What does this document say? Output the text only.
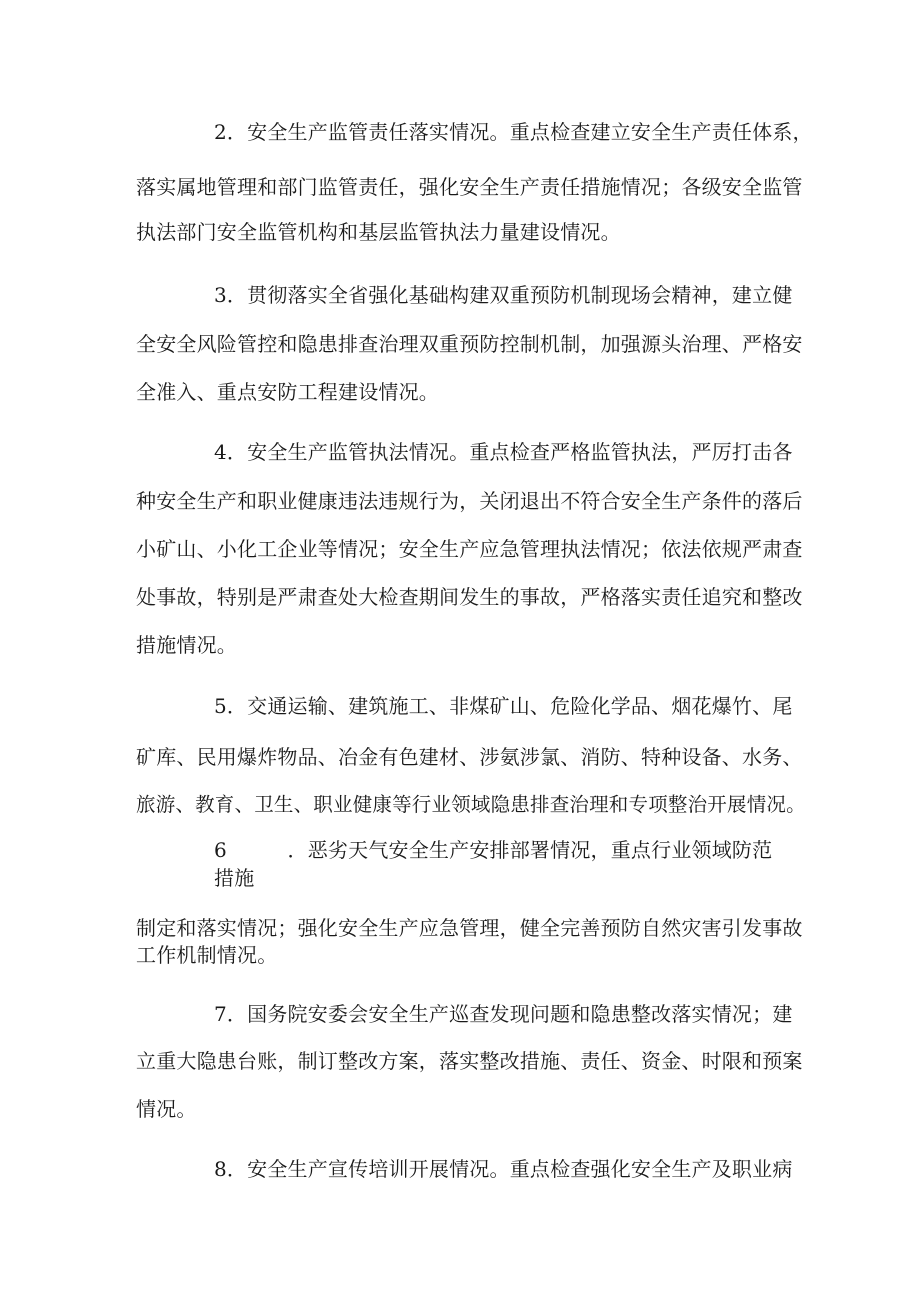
2．安全生产监管责任落实情况。重点检查建立安全生产责任体系，
落实属地管理和部门监管责任，强化安全生产责任措施情况；各级安全监管
执法部门安全监管机构和基层监管执法力量建设情况。
3．贯彻落实全省强化基础构建双重预防机制现场会精神，建立健
全安全风险管控和隐患排查治理双重预防控制机制，加强源头治理、严格安
全准入、重点安防工程建设情况。
4．安全生产监管执法情况。重点检查严格监管执法，严厉打击各
种安全生产和职业健康违法违规行为，关闭退出不符合安全生产条件的落后
小矿山、小化工企业等情况；安全生产应急管理执法情况；依法依规严肃查
处事故，特别是严肃查处大检查期间发生的事故，严格落实责任追究和整改
措施情况。
5．交通运输、建筑施工、非煤矿山、危险化学品、烟花爆竹、尾
矿库、民用爆炸物品、冶金有色建材、涉氨涉氯、消防、特种设备、水务、
旅游、教育、卫生、职业健康等行业领域隐患排查治理和专项整治开展情况。
6　　　．恶劣天气安全生产安排部署情况，重点行业领域防范
措施
制定和落实情况；强化安全生产应急管理，健全完善预防自然灾害引发事故
工作机制情况。
7．国务院安委会安全生产巡查发现问题和隐患整改落实情况；建
立重大隐患台账，制订整改方案，落实整改措施、责任、资金、时限和预案
情况。
8．安全生产宣传培训开展情况。重点检查强化安全生产及职业病
